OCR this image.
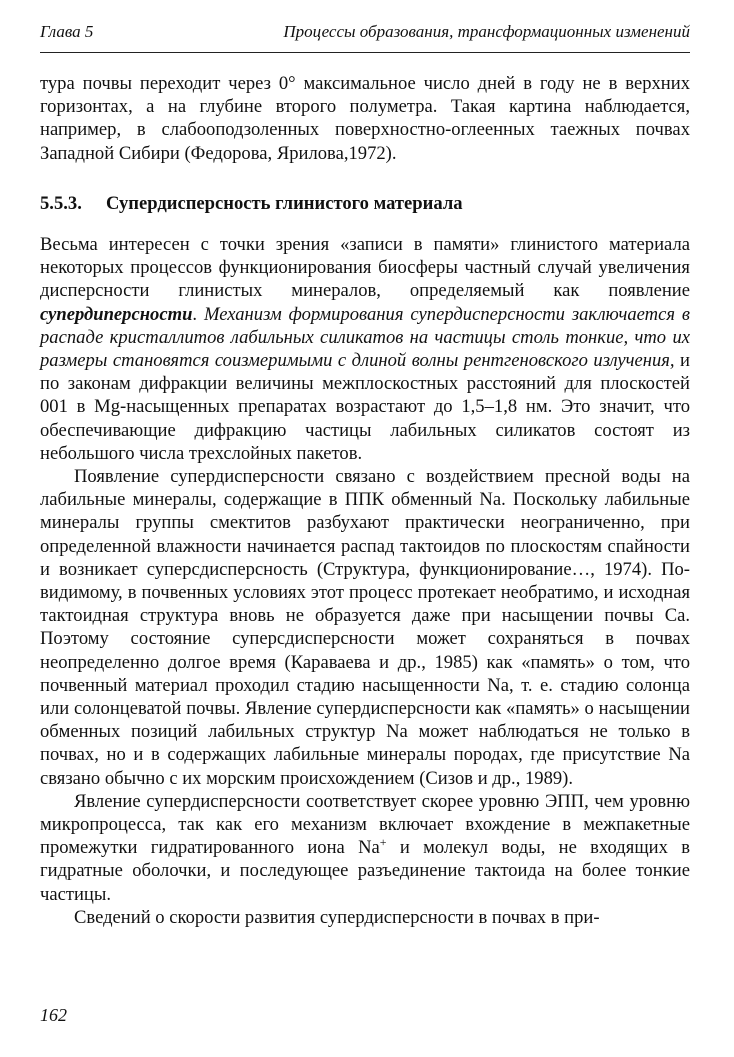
Глава 5	Процессы образования, трансформационных изменений

тура почвы переходит через 0° максимальное число дней в году не в верхних горизонтах, а на глубине второго полуметра. Такая картина наблюдается, например, в слабооподзоленных поверхностно-оглеенных таежных почвах Западной Сибири (Федорова, Ярилова,1972).

5.5.3. Супердисперсность глинистого материала

Весьма интересен с точки зрения «записи в памяти» глинистого материала некоторых процессов функционирования биосферы частный случай увеличения дисперсности глинистых минералов, определяемый как появление супердиперсности. Механизм формирования супердисперсности заключается в распаде кристаллитов лабильных силикатов на частицы столь тонкие, что их размеры становятся соизмеримыми с длиной волны рентгеновского излучения, и по законам дифракции величины межплоскостных расстояний для плоскостей 001 в Mg-насыщенных препаратах возрастают до 1,5–1,8 нм. Это значит, что обеспечивающие дифракцию частицы лабильных силикатов состоят из небольшого числа трехслойных пакетов.

Появление супердисперсности связано с воздействием пресной воды на лабильные минералы, содержащие в ППК обменный Na. Поскольку лабильные минералы группы смектитов разбухают практически неограниченно, при определенной влажности начинается распад тактоидов по плоскостям спайности и возникает суперсдисперсность (Структура, функционирование…, 1974). По-видимому, в почвенных условиях этот процесс протекает необратимо, и исходная тактоидная структура вновь не образуется даже при насыщении почвы Са. Поэтому состояние суперсдисперсности может сохраняться в почвах неопределенно долгое время (Караваева и др., 1985) как «память» о том, что почвенный материал проходил стадию насыщенности Na, т. е. стадию солонца или солонцеватой почвы. Явление супердисперсности как «память» о насыщении обменных позиций лабильных структур Na может наблюдаться не только в почвах, но и в содержащих лабильные минералы породах, где присутствие Na связано обычно с их морским происхождением (Сизов и др., 1989).

Явление супердисперсности соответствует скорее уровню ЭПП, чем уровню микропроцесса, так как его механизм включает вхождение в межпакетные промежутки гидратированного иона Na+ и молекул воды, не входящих в гидратные оболочки, и последующее разъединение тактоида на более тонкие частицы.

Сведений о скорости развития супердисперсности в почвах в при-

162
